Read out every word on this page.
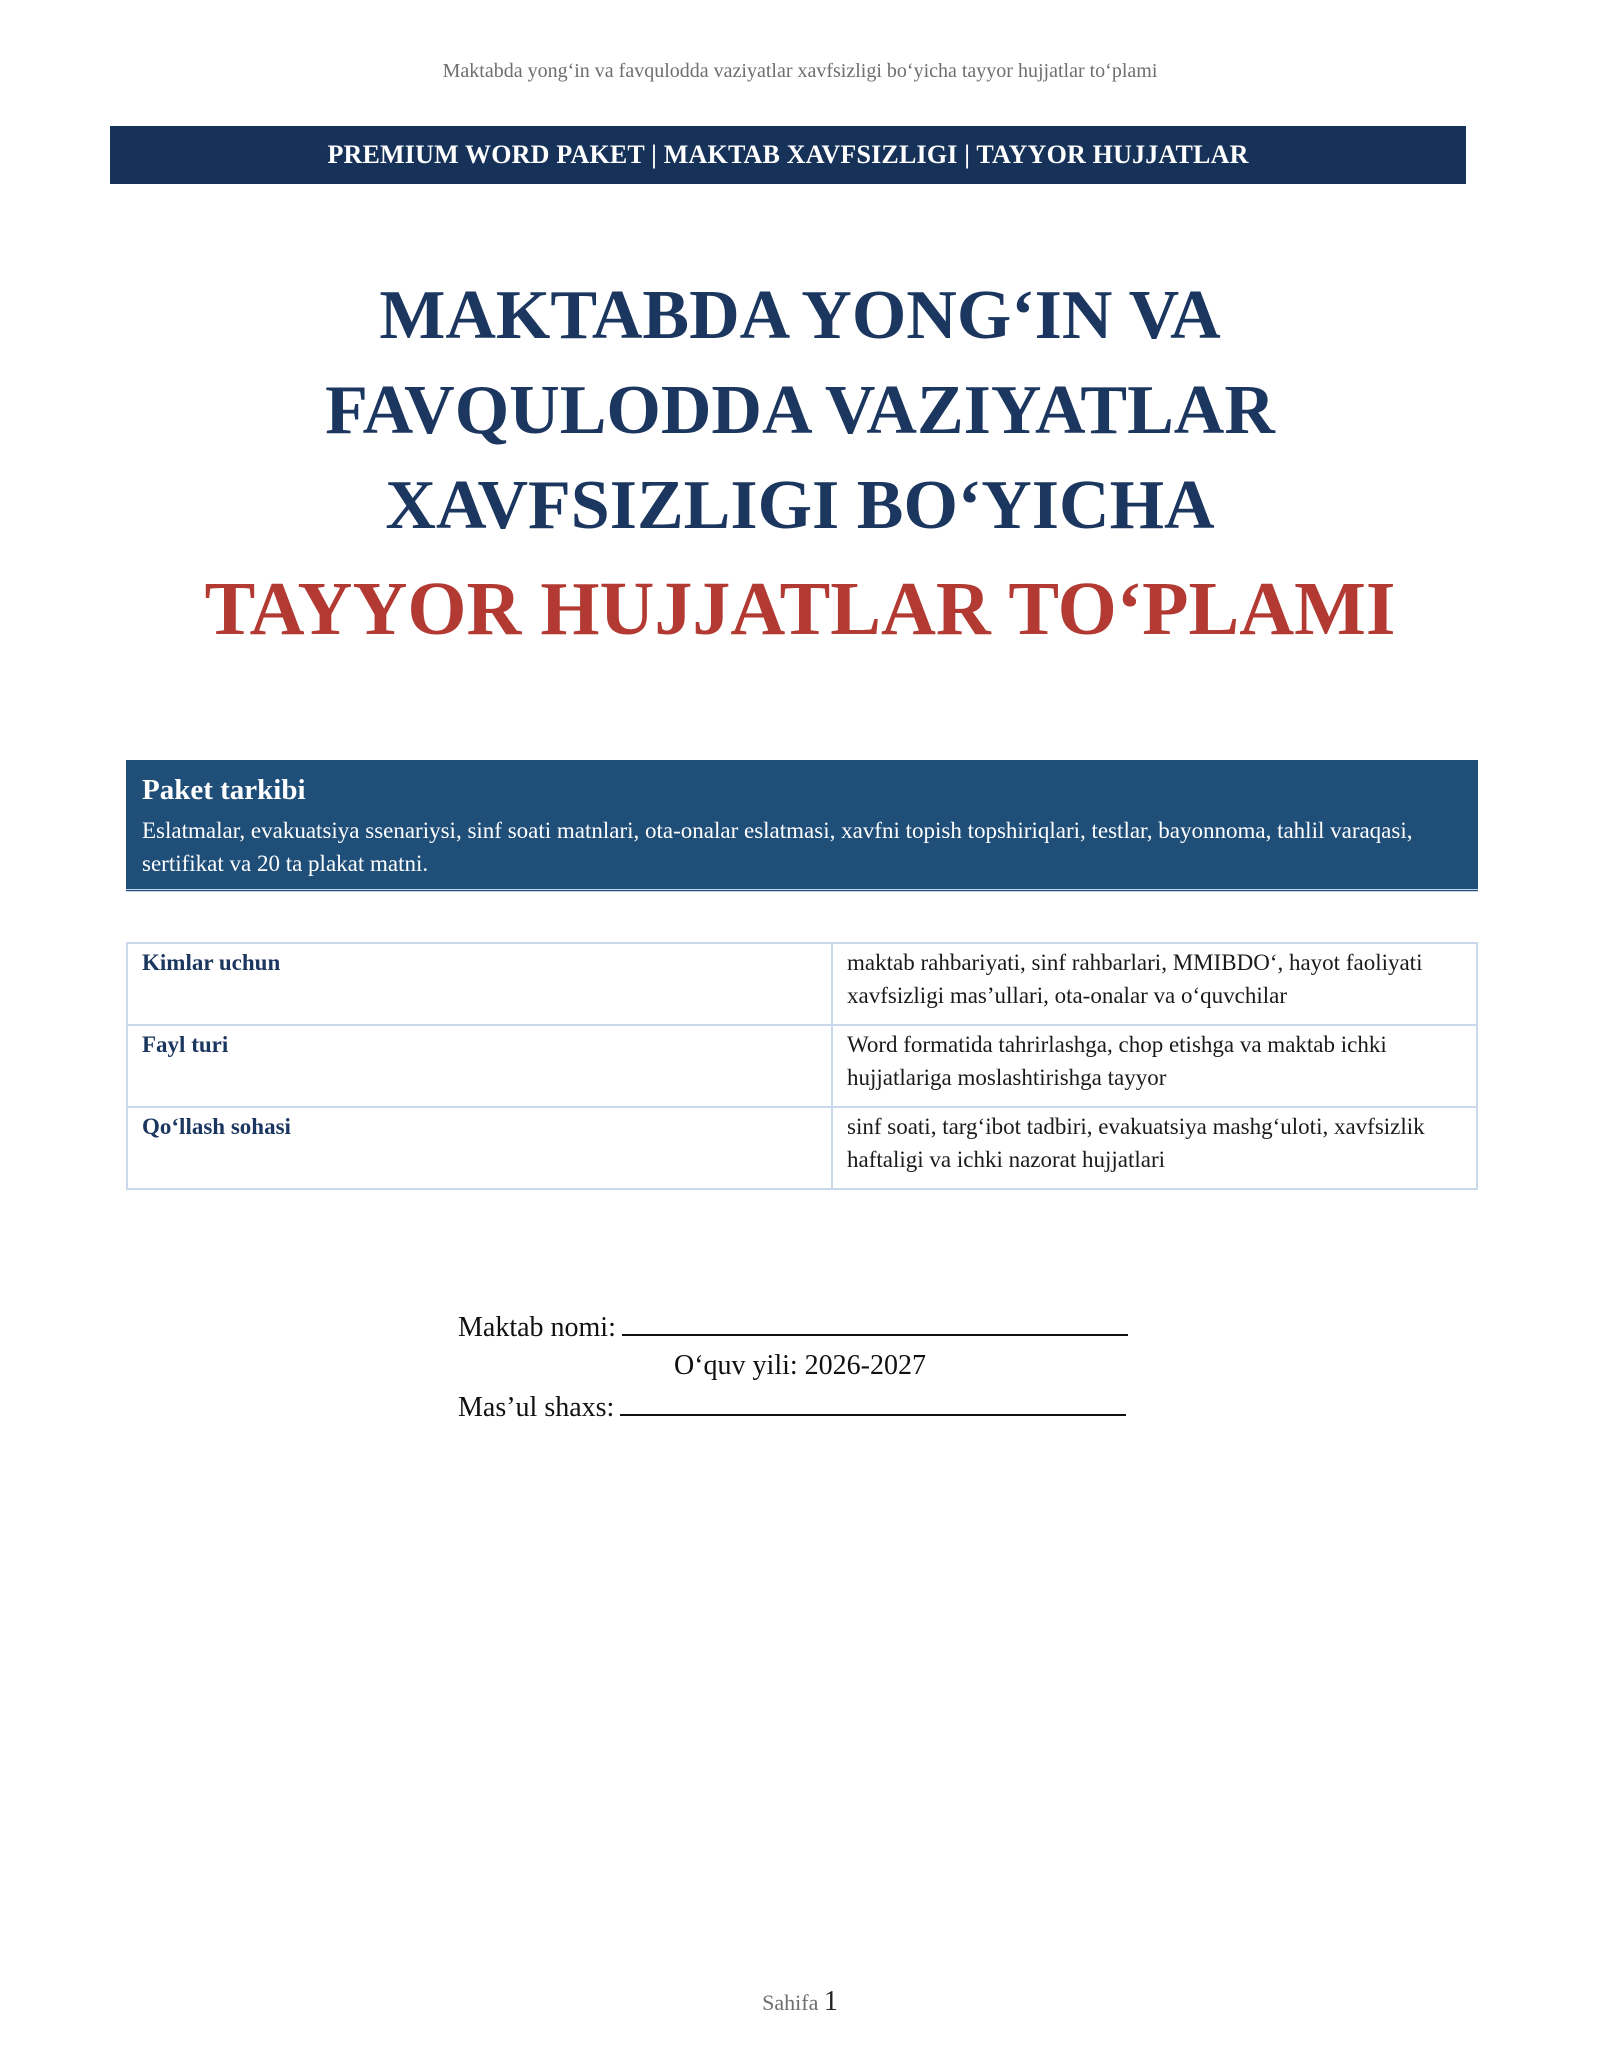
Maktabda yong‘in va favqulodda vaziyatlar xavfsizligi bo‘yicha tayyor hujjatlar to‘plami
PREMIUM WORD PAKET | MAKTAB XAVFSIZLIGI | TAYYOR HUJJATLAR

MAKTABDA YONG‘IN VA

FAVQULODDA VAZIYATLAR

XAVFSIZLIGI BO‘YICHA

TAYYOR HUJJATLAR TO‘PLAMI

Paket tarkibi
Eslatmalar, evakuatsiya ssenariysi, sinf soati matnlari, ota-onalar eslatmasi, xavfni topish topshiriqlari, testlar, bayonnoma, tahlil varaqasi, sertifikat va 20 ta plakat matni.
Kimlar uchun	maktab rahbariyati, sinf rahbarlari, MMIBDO‘, hayot faoliyati xavfsizligi mas’ullari, ota-onalar va o‘quvchilar
Fayl turi	Word formatida tahrirlashga, chop etishga va maktab ichki hujjatlariga moslashtirishga tayyor
Qo‘llash sohasi	sinf soati, targ‘ibot tadbiri, evakuatsiya mashg‘uloti, xavfsizlik haftaligi va ichki nazorat hujjatlari
Maktab nomi:
O‘quv yili: 2026-2027
Mas’ul shaxs:
Sahifa 1
